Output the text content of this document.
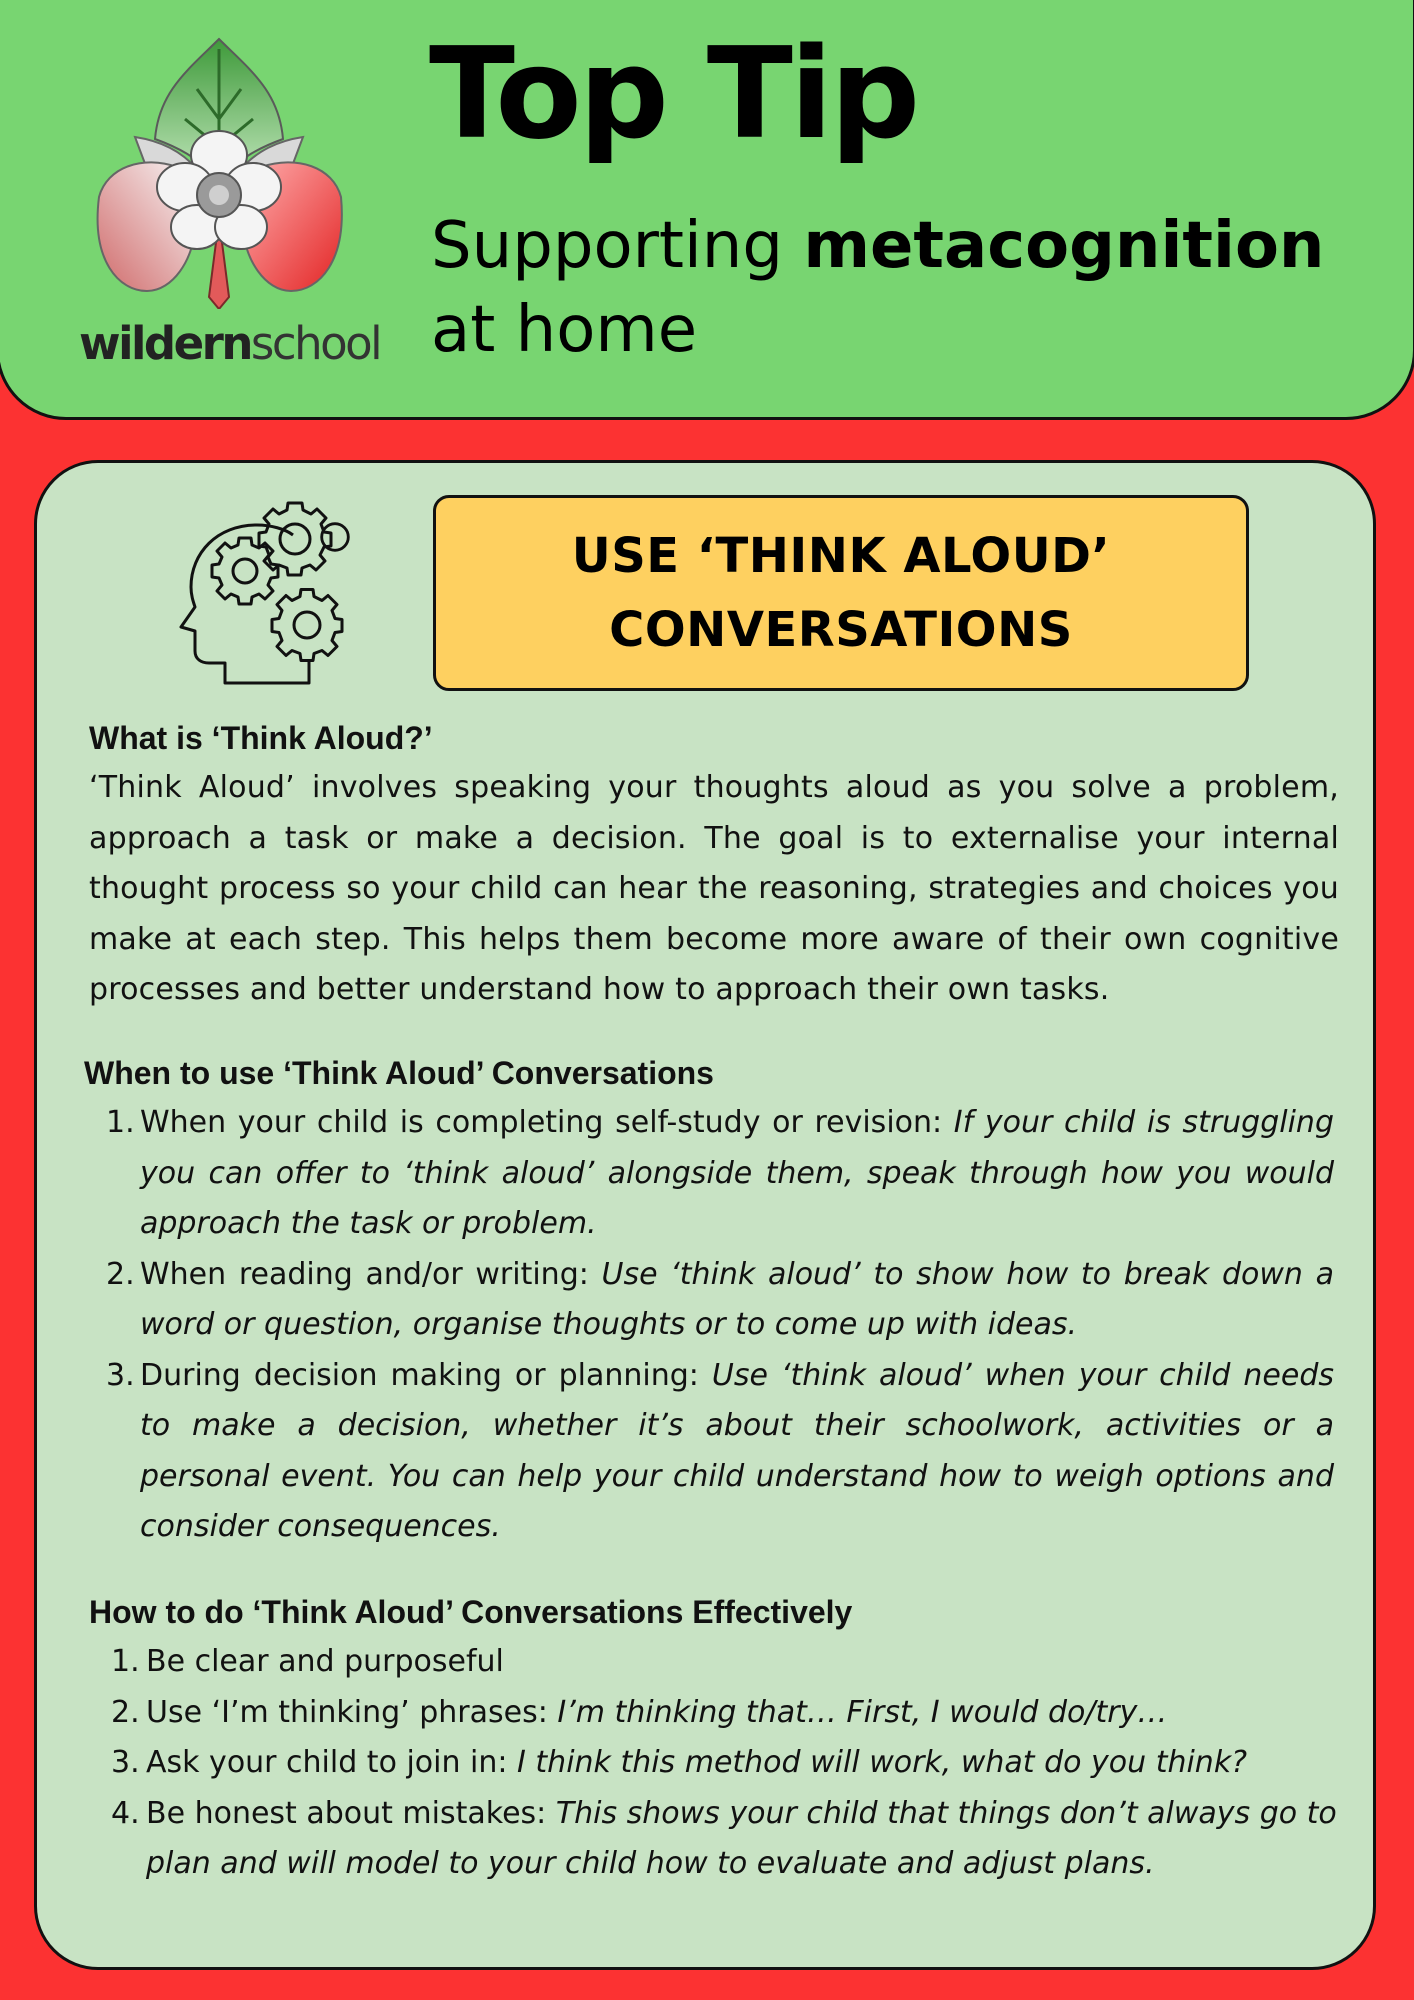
wildernschool
Top Tip
Supporting metacognition
at home
USE ‘THINK ALOUD’
CONVERSATIONS
What is ‘Think Aloud?’
‘Think Aloud’ involves speaking your thoughts aloud as you solve a problem, approach a task or make a decision. The goal is to externalise your internal thought process so your child can hear the reasoning, strategies and choices you make at each step. This helps them become more aware of their own cognitive processes and better understand how to approach their own tasks.
When to use ‘Think Aloud’ Conversations
1. When your child is completing self-study or revision: If your child is struggling you can offer to ‘think aloud’ alongside them, speak through how you would approach the task or problem.
2. When reading and/or writing: Use ‘think aloud’ to show how to break down a word or question, organise thoughts or to come up with ideas.
3. During decision making or planning: Use ‘think aloud’ when your child needs to make a decision, whether it’s about their schoolwork, activities or a personal event. You can help your child understand how to weigh options and consider consequences.
How to do ‘Think Aloud’ Conversations Effectively
1. Be clear and purposeful
2. Use ‘I’m thinking’ phrases: I’m thinking that… First, I would do/try…
3. Ask your child to join in: I think this method will work, what do you think?
4. Be honest about mistakes: This shows your child that things don’t always go to plan and will model to your child how to evaluate and adjust plans.
